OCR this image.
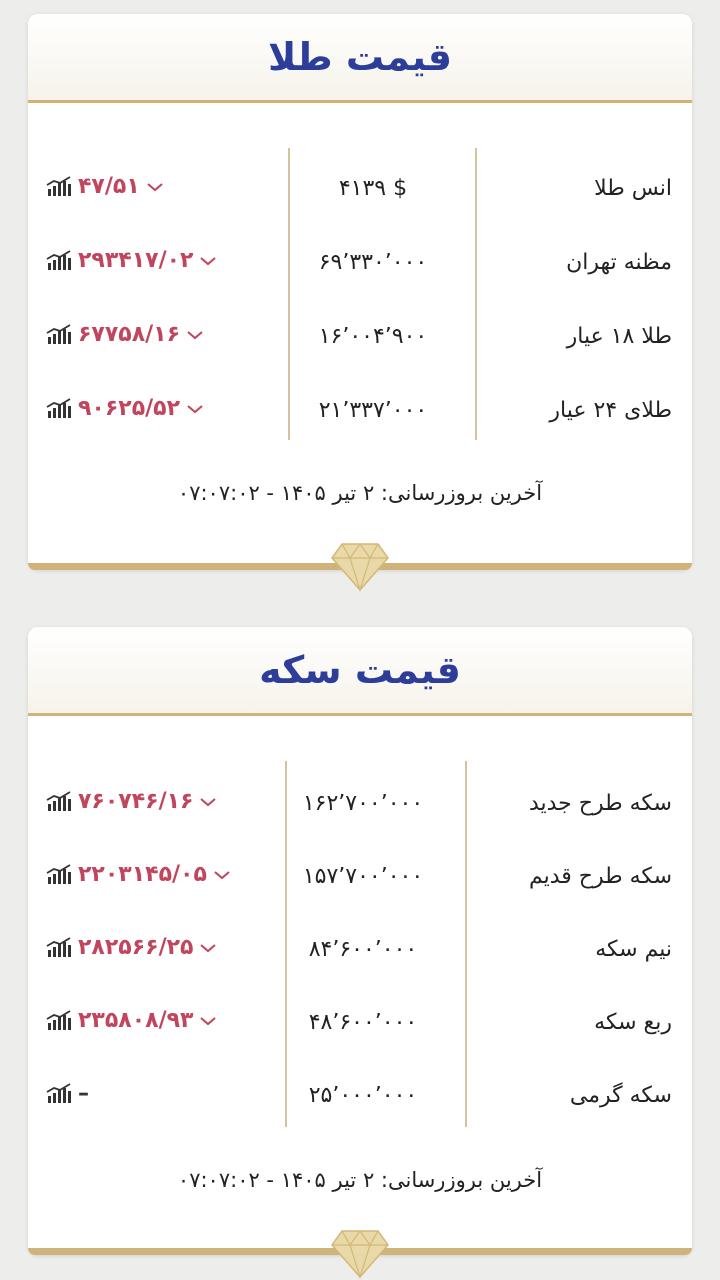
قیمت طلا
انس طلا
۴۱۳۹ $
۴۷/۵۱
مظنه تهران
۶۹٬۳۳۰٬۰۰۰
۲۹۳۴۱۷/۰۲
طلا ۱۸ عیار
۱۶٬۰۰۴٬۹۰۰
۶۷۷۵۸/۱۶
طلای ۲۴ عیار
۲۱٬۳۳۷٬۰۰۰
۹۰۶۲۵/۵۲
آخرین بروزرسانی: ۲ تیر ۱۴۰۵ - ۰۷:۰۷:۰۲
قیمت سکه
سکه طرح جدید
۱۶۲٬۷۰۰٬۰۰۰
۷۶۰۷۴۶/۱۶
سکه طرح قدیم
۱۵۷٬۷۰۰٬۰۰۰
۲۲۰۳۱۴۵/۰۵
نیم سکه
۸۴٬۶۰۰٬۰۰۰
۲۸۲۵۶۶/۲۵
ربع سکه
۴۸٬۶۰۰٬۰۰۰
۲۳۵۸۰۸/۹۳
سکه گرمی
۲۵٬۰۰۰٬۰۰۰
–
آخرین بروزرسانی: ۲ تیر ۱۴۰۵ - ۰۷:۰۷:۰۲
